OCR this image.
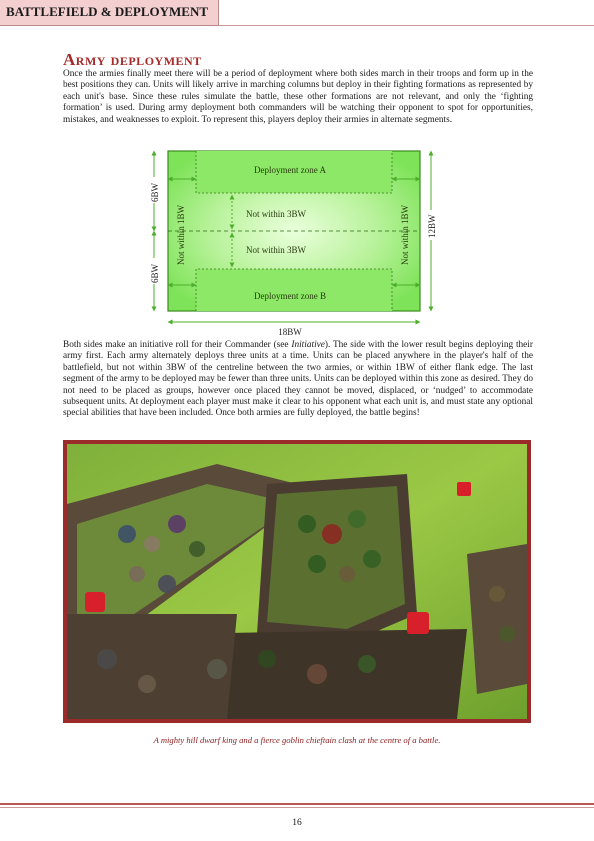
BATTLEFIELD & DEPLOYMENT
Army deployment
Once the armies finally meet there will be a period of deployment where both sides march in their troops and form up in the best positions they can. Units will likely arrive in marching columns but deploy in their fighting formations as represented by each unit's base. Since these rules simulate the battle, these other formations are not relevant, and only the ‘fighting formation’ is used. During army deployment both commanders will be watching their opponent to spot for opportunities, mistakes, and weaknesses to exploit. To represent this, players deploy their armies in alternate segments.
Deployment zone A
Deployment zone B
Not within 3BW
Not within 3BW
Not within 1BW	Not within 1BW
6BW
6BW
12BW
18BW
Both sides make an initiative roll for their Commander (see Initiative). The side with the lower result begins deploying their army first. Each army alternately deploys three units at a time. Units can be placed anywhere in the player's half of the battlefield, but not within 3BW of the centreline between the two armies, or within 1BW of either flank edge. The last segment of the army to be deployed may be fewer than three units. Units can be deployed within this zone as desired. They do not need to be placed as groups, however once placed they cannot be moved, displaced, or ‘nudged’ to accommodate subsequent units. At deployment each player must make it clear to his opponent what each unit is, and must state any optional special abilities that have been included. Once both armies are fully deployed, the battle begins!
A mighty hill dwarf king and a fierce goblin chieftain clash at the centre of a battle.
16
